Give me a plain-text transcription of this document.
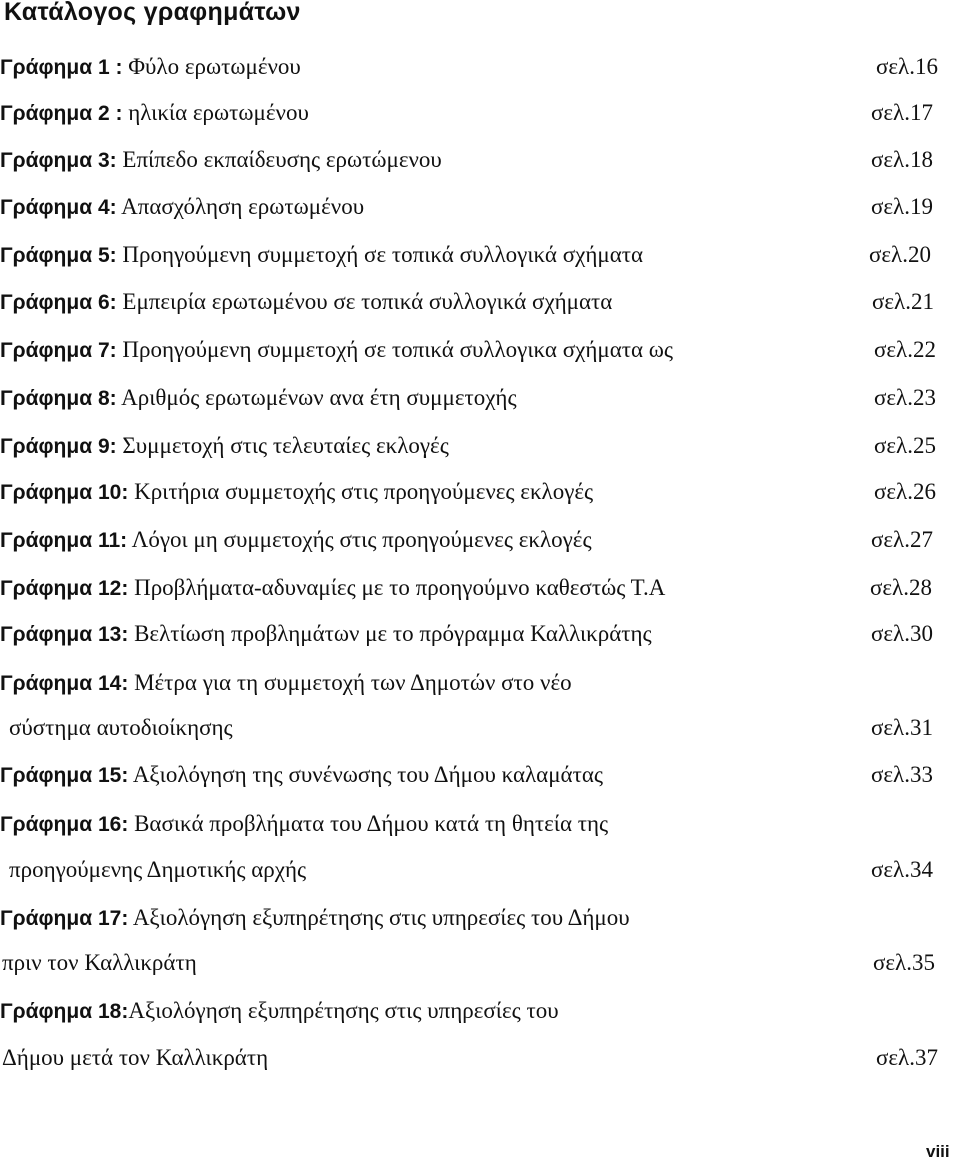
Κατάλογος γραφημάτων
Γράφημα 1 : Φύλο ερωτωμένου	σελ.16
Γράφημα 2 : ηλικία ερωτωμένου	σελ.17
Γράφημα 3: Επίπεδο εκπαίδευσης ερωτώμενου	σελ.18
Γράφημα 4: Απασχόληση ερωτωμένου	σελ.19
Γράφημα 5: Προηγούμενη συμμετοχή σε τοπικά συλλογικά σχήματα	σελ.20
Γράφημα 6: Εμπειρία ερωτωμένου σε τοπικά συλλογικά σχήματα	σελ.21
Γράφημα 7: Προηγούμενη συμμετοχή σε τοπικά συλλογικα σχήματα ως	σελ.22
Γράφημα 8: Αριθμός ερωτωμένων ανα έτη συμμετοχής	σελ.23
Γράφημα 9: Συμμετοχή στις τελευταίες εκλογές	σελ.25
Γράφημα 10: Κριτήρια συμμετοχής στις προηγούμενες εκλογές	σελ.26
Γράφημα 11: Λόγοι μη συμμετοχής στις προηγούμενες εκλογές	σελ.27
Γράφημα 12: Προβλήματα-αδυναμίες με το προηγούμνο καθεστώς Τ.Α	σελ.28
Γράφημα 13: Βελτίωση προβλημάτων με το πρόγραμμα Καλλικράτης	σελ.30
Γράφημα 14: Μέτρα για τη συμμετοχή των Δημοτών στο νέο
σύστημα αυτοδιοίκησης	σελ.31
Γράφημα 15: Αξιολόγηση της συνένωσης του Δήμου καλαμάτας	σελ.33
Γράφημα 16: Βασικά προβλήματα του Δήμου κατά τη θητεία της
προηγούμενης Δημοτικής αρχής	σελ.34
Γράφημα 17: Αξιολόγηση εξυπηρέτησης στις υπηρεσίες του Δήμου
πριν τον Καλλικράτη	σελ.35
Γράφημα 18:Αξιολόγηση εξυπηρέτησης στις υπηρεσίες του
Δήμου μετά τον Καλλικράτη	σελ.37
viii
